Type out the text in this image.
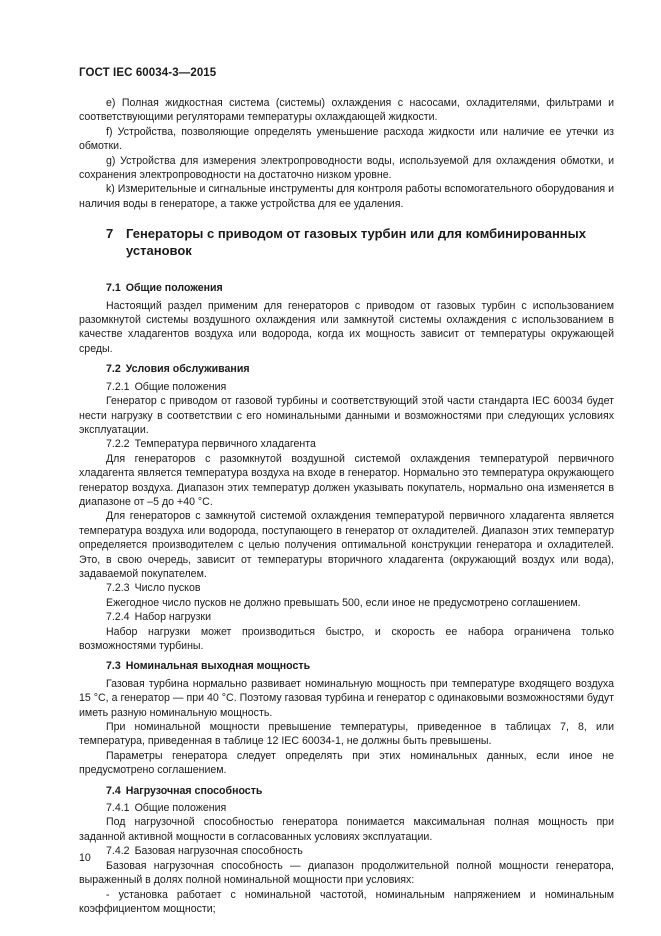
ГОСТ IEC 60034-3—2015

e) Полная жидкостная система (системы) охлаждения с насосами, охладителями, фильтрами и соответствующими регуляторами температуры охлаждающей жидкости.

f) Устройства, позволяющие определять уменьшение расхода жидкости или наличие ее утечки из обмотки.

g) Устройства для измерения электропроводности воды, используемой для охлаждения обмотки, и сохранения электропроводности на достаточно низком уровне.

k) Измерительные и сигнальные инструменты для контроля работы вспомогательного оборудования и наличия воды в генераторе, а также устройства для ее удаления.

7 Генераторы с приводом от газовых турбин или для комбинированных установок
7.1 Общие положения

Настоящий раздел применим для генераторов с приводом от газовых турбин с использованием разомкнутой системы воздушного охлаждения или замкнутой системы охлаждения с использованием в качестве хладагентов воздуха или водорода, когда их мощность зависит от температуры окружающей среды.

7.2 Условия обслуживания
7.2.1 Общие положения

Генератор с приводом от газовой турбины и соответствующий этой части стандарта IEC 60034 будет нести нагрузку в соответствии с его номинальными данными и возможностями при следующих условиях эксплуатации.

7.2.2 Температура первичного хладагента

Для генераторов с разомкнутой воздушной системой охлаждения температурой первичного хладагента является температура воздуха на входе в генератор. Нормально это температура окружающего генератор воздуха. Диапазон этих температур должен указывать покупатель, нормально она изменяется в диапазоне от –5 до +40 °С.

Для генераторов с замкнутой системой охлаждения температурой первичного хладагента является температура воздуха или водорода, поступающего в генератор от охладителей. Диапазон этих температур определяется производителем с целью получения оптимальной конструкции генератора и охладителей. Это, в свою очередь, зависит от температуры вторичного хладагента (окружающий воздух или вода), задаваемой покупателем.

7.2.3 Число пусков

Ежегодное число пусков не должно превышать 500, если иное не предусмотрено соглашением.

7.2.4 Набор нагрузки

Набор нагрузки может производиться быстро, и скорость ее набора ограничена только возможностями турбины.

7.3 Номинальная выходная мощность

Газовая турбина нормально развивает номинальную мощность при температуре входящего воздуха 15 °С, а генератор — при 40 °С. Поэтому газовая турбина и генератор с одинаковыми возможностями будут иметь разную номинальную мощность.

При номинальной мощности превышение температуры, приведенное в таблицах 7, 8, или температура, приведенная в таблице 12 IEC 60034-1, не должны быть превышены.

Параметры генератора следует определять при этих номинальных данных, если иное не предусмотрено соглашением.

7.4 Нагрузочная способность
7.4.1 Общие положения

Под нагрузочной способностью генератора понимается максимальная полная мощность при заданной активной мощности в согласованных условиях эксплуатации.

7.4.2 Базовая нагрузочная способность

Базовая нагрузочная способность — диапазон продолжительной полной мощности генератора, выраженный в долях полной номинальной мощности при условиях:

- установка работает с номинальной частотой, номинальным напряжением и номинальным коэффициентом мощности;

10
